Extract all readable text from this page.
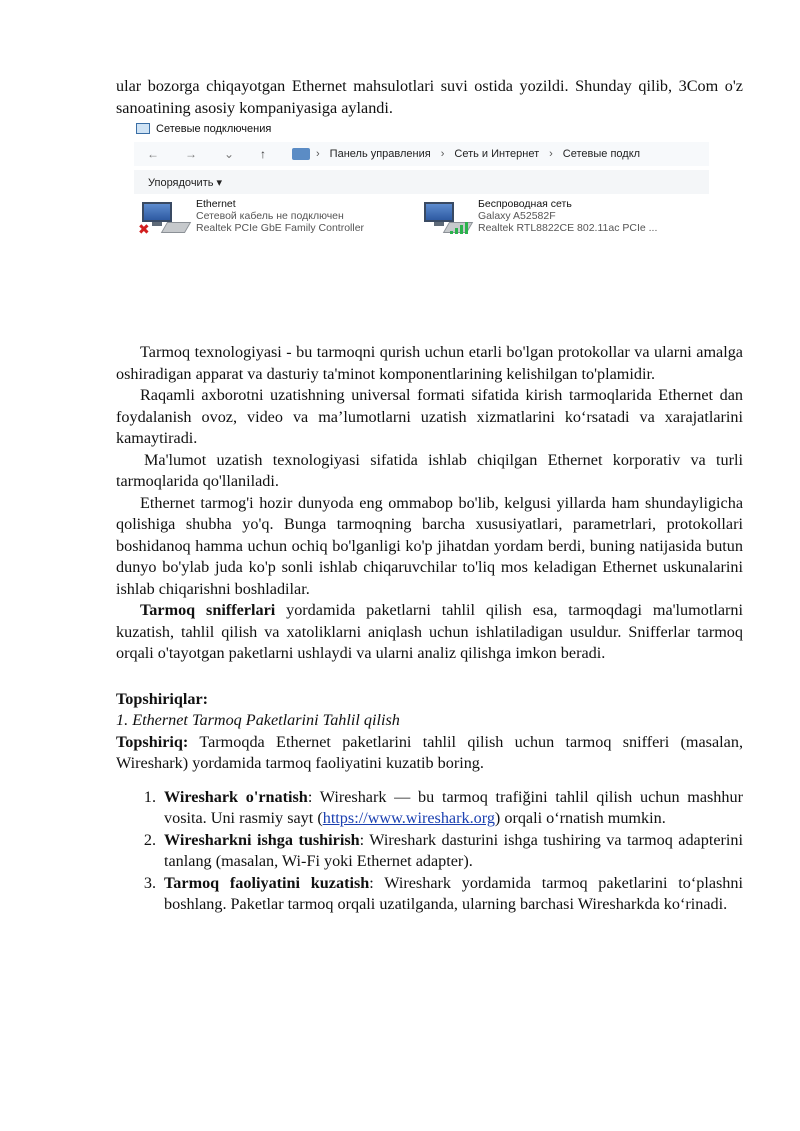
ular bozorga chiqayotgan Ethernet mahsulotlari suvi ostida yozildi. Shunday qilib, 3Com o'z sanoatining asosiy kompaniyasiga aylandi.

Сетевые подключения
←	→	⌄	↑	› Панель управления › Сеть и Интернет › Сетевые подкл
Упорядочить ▾
✖
Ethernet
Сетевой кабель не подключен
Realtek PCIe GbE Family Controller
Беспроводная сеть
Galaxy A52582F
Realtek RTL8822CE 802.11ac PCIe ...

Tarmoq texnologiyasi - bu tarmoqni qurish uchun etarli bo'lgan protokollar va ularni amalga oshiradigan apparat va dasturiy ta'minot komponentlarining kelishilgan to'plamidir.

Raqamli axborotni uzatishning universal formati sifatida kirish tarmoqlarida Ethernet dan foydalanish ovoz, video va ma’lumotlarni uzatish xizmatlarini ko‘rsatadi va xarajatlarini kamaytiradi.

Ma'lumot uzatish texnologiyasi sifatida ishlab chiqilgan Ethernet korporativ va turli tarmoqlarida qo'llaniladi.

Ethernet tarmog'i hozir dunyoda eng ommabop bo'lib, kelgusi yillarda ham shundayligicha qolishiga shubha yo'q. Bunga tarmoqning barcha xususiyatlari, parametrlari, protokollari boshidanoq hamma uchun ochiq bo'lganligi ko'p jihatdan yordam berdi, buning natijasida butun dunyo bo'ylab juda ko'p sonli ishlab chiqaruvchilar to'liq mos keladigan Ethernet uskunalarini ishlab chiqarishni boshladilar.

Tarmoq snifferlari yordamida paketlarni tahlil qilish esa, tarmoqdagi ma'lumotlarni kuzatish, tahlil qilish va xatoliklarni aniqlash uchun ishlatiladigan usuldur. Snifferlar tarmoq orqali o'tayotgan paketlarni ushlaydi va ularni analiz qilishga imkon beradi.

Topshiriqlar:
1. Ethernet Tarmoq Paketlarini Tahlil qilish

Topshiriq: Tarmoqda Ethernet paketlarini tahlil qilish uchun tarmoq snifferi (masalan, Wireshark) yordamida tarmoq faoliyatini kuzatib boring.

1. Wireshark o'rnatish: Wireshark — bu tarmoq trafiğini tahlil qilish uchun mashhur vosita. Uni rasmiy sayt (https://www.wireshark.org) orqali o‘rnatish mumkin.

2. Wiresharkni ishga tushirish: Wireshark dasturini ishga tushiring va tarmoq adapterini tanlang (masalan, Wi-Fi yoki Ethernet adapter).

3. Tarmoq faoliyatini kuzatish: Wireshark yordamida tarmoq paketlarini to‘plashni boshlang. Paketlar tarmoq orqali uzatilganda, ularning barchasi Wiresharkda ko‘rinadi.
